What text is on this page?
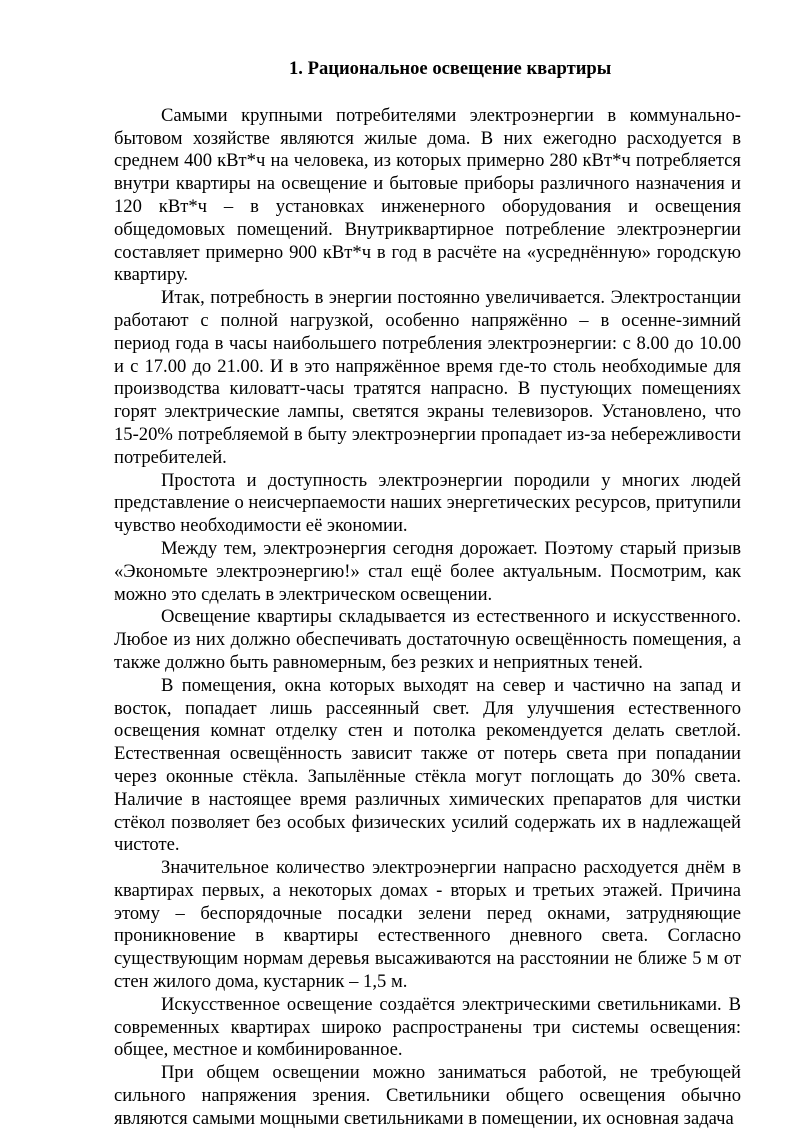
1. Рациональное освещение квартиры

Самыми крупными потребителями электроэнергии в коммунально-бытовом хозяйстве являются жилые дома. В них ежегодно расходуется в среднем 400 кВт*ч на человека, из которых примерно 280 кВт*ч потребляется внутри квартиры на освещение и бытовые приборы различного назначения и 120 кВт*ч – в установках инженерного оборудования и освещения общедомовых помещений. Внутриквартирное потребление электроэнергии составляет примерно 900 кВт*ч в год в расчёте на «усреднённую» городскую квартиру.

Итак, потребность в энергии постоянно увеличивается. Электростанции работают с полной нагрузкой, особенно напряжённо – в осенне-зимний период года в часы наибольшего потребления электроэнергии: с 8.00 до 10.00 и с 17.00 до 21.00. И в это напряжённое время где-то столь необходимые для производства киловатт-часы тратятся напрасно. В пустующих помещениях горят электрические лампы, светятся экраны телевизоров. Установлено, что 15-20% потребляемой в быту электроэнергии пропадает из-за небережливости потребителей.

Простота и доступность электроэнергии породили у многих людей представление о неисчерпаемости наших энергетических ресурсов, притупили чувство необходимости её экономии.

Между тем, электроэнергия сегодня дорожает. Поэтому старый призыв «Экономьте электроэнергию!» стал ещё более актуальным. Посмотрим, как можно это сделать в электрическом освещении.

Освещение квартиры складывается из естественного и искусственного. Любое из них должно обеспечивать достаточную освещённость помещения, а также должно быть равномерным, без резких и неприятных теней.

В помещения, окна которых выходят на север и частично на запад и восток, попадает лишь рассеянный свет. Для улучшения естественного освещения комнат отделку стен и потолка рекомендуется делать светлой. Естественная освещённость зависит также от потерь света при попадании через оконные стёкла. Запылённые стёкла могут поглощать до 30% света. Наличие в настоящее время различных химических препаратов для чистки стёкол позволяет без особых физических усилий содержать их в надлежащей чистоте.

Значительное количество электроэнергии напрасно расходуется днём в квартирах первых, а некоторых домах - вторых и третьих этажей. Причина этому – беспорядочные посадки зелени перед окнами, затрудняющие проникновение в квартиры естественного дневного света. Согласно существующим нормам деревья высаживаются на расстоянии не ближе 5 м от стен жилого дома, кустарник – 1,5 м.

Искусственное освещение создаётся электрическими светильниками. В современных квартирах широко распространены три системы освещения: общее, местное и комбинированное.

При общем освещении можно заниматься работой, не требующей сильного напряжения зрения. Светильники общего освещения обычно являются самыми мощными светильниками в помещении, их основная задача
